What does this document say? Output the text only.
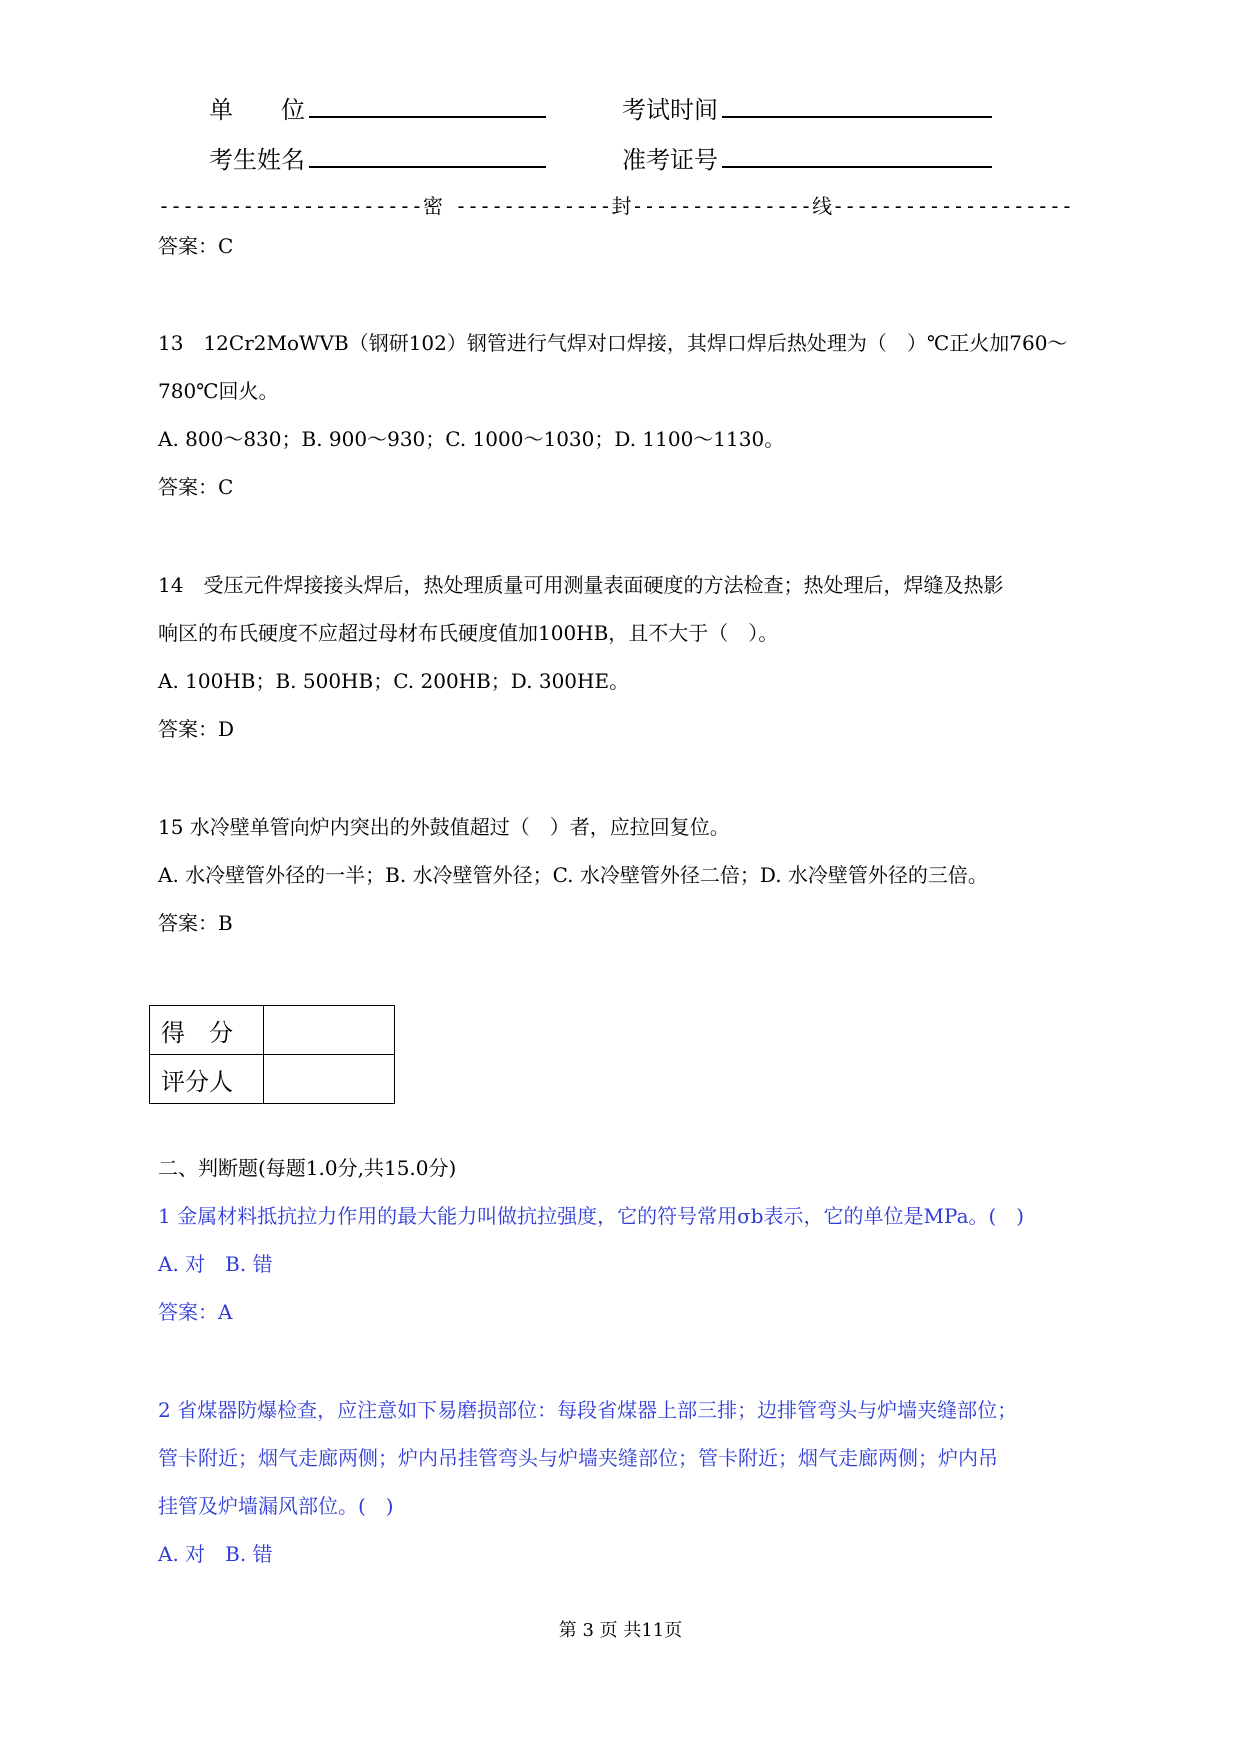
单　　位	考试时间
考生姓名	准考证号
----------------------密 -------------封---------------线--------------------
答案：C
13　12Cr2MoWVB（钢研102）钢管进行气焊对口焊接，其焊口焊后热处理为（　）℃正火加760～
780℃回火。
A. 800～830；B. 900～930；C. 1000～1030；D. 1100～1130。
答案：C
14　受压元件焊接接头焊后，热处理质量可用测量表面硬度的方法检查；热处理后，焊缝及热影
响区的布氏硬度不应超过母材布氏硬度值加100HB，且不大于（　）。
A. 100HB；B. 500HB；C. 200HB；D. 300HE。
答案：D
15 水冷壁单管向炉内突出的外鼓值超过（　）者，应拉回复位。
A. 水冷壁管外径的一半；B. 水冷壁管外径；C. 水冷壁管外径二倍；D. 水冷壁管外径的三倍。
答案：B
得　分	
评分人	
二、判断题(每题1.0分,共15.0分)
1 金属材料抵抗拉力作用的最大能力叫做抗拉强度，它的符号常用σb表示，它的单位是MPa。(　)
A. 对　B. 错
答案：A
2 省煤器防爆检查，应注意如下易磨损部位：每段省煤器上部三排；边排管弯头与炉墙夹缝部位；
管卡附近；烟气走廊两侧；炉内吊挂管弯头与炉墙夹缝部位；管卡附近；烟气走廊两侧；炉内吊
挂管及炉墙漏风部位。(　)
A. 对　B. 错
第 3 页 共11页
